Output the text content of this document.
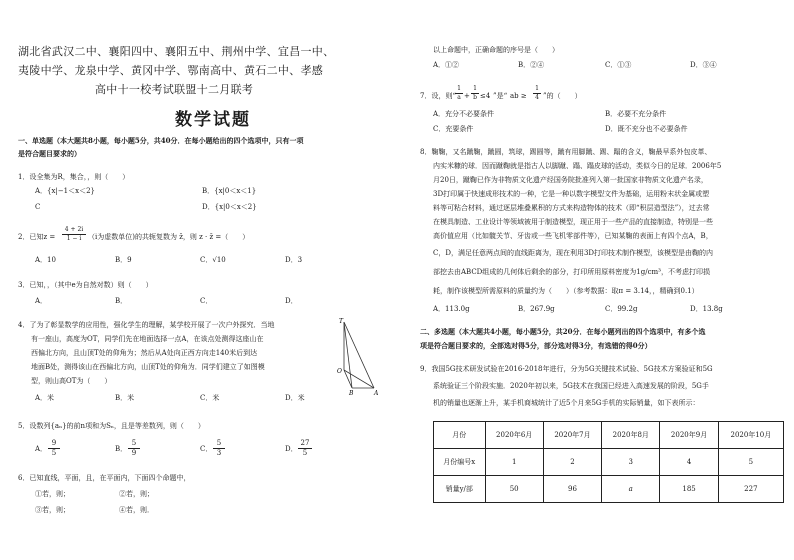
湖北省武汉二中、襄阳四中、襄阳五中、荆州中学、宜昌一中、
夷陵中学、龙泉中学、黄冈中学、鄂南高中、黄石二中、孝感
高中十一校考试联盟十二月联考
数学试题
一、单选题（本大题共8小题，每小题5分，共40分．在每小题给出的四个选项中，只有一项
是符合题目要求的）
1．设全集为R，集合，，则（　　）
A．{x|−1＜x＜2}	B．{x|0＜x＜1}
C	D．{x|0＜x＜2}
2．已知$z = \frac{4 + 2i}{1 - i} (i$为虚数单位)的共轭复数为 z̄，则 z · z̄ =（　　）
A．10	B．9	C．√10	D．3
3．已知，，（其中e为自然对数）则（　　）
A．	B．	C．	D．
4．了为了彰显数学的应用性，强化学生的理解，某学校开展了一次户外探究．当地
有一座山，高度为OT，同学们先在地面选择一点A，在该点处测得这座山在
西偏北方向，且山顶T处的仰角为；然后从A处向正西方向走140米后到达
地面B处，测得该山在西偏北方向，山顶T处的仰角为．同学们建立了如图模
型，则山高OT为（　　）
A．米	B．米	C．米	D．米
T
O
B	A
5．设数列{aₙ}的前n项和为Sₙ，且是等差数列，则（　　）
A． $\frac{9}{5}$	B． $\frac{5}{9}$	C． $\frac{5}{3}$	D． $\frac{27}{5}$
6．已知直线，平面，且，在平面内，下面四个命题中，
①若，则；	②若，则；
③若，则；	④若，则．
以上命题中，正确命题的序号是（　　）
A．①②	B．②④	C．①③	D．③④
7．设，则“
$\frac{1}{a} + \frac{1}{b} \le 4$ ”是“ ab ≥ $\frac{1}{4}$ ”的（　　）
A．充分不必要条件	B．必要不充分条件
C．充要条件	D．既不充分也不必要条件
8．鞠鞠，又名蹴鞠，蹴圆，筑球，踢圆等，蹴有用脚蹴、踢、蹋的含义，鞠最早系外包皮革、
内实米糠的球．因而蹴鞠就是指古人以脚蹴、蹋、蹋皮球的活动，类似今日的足球．2006年5
月20日，蹴鞠已作为非物质文化遗产经国务院批准列入第一批国家非物质文化遗产名录，
3D打印属于快速成形技术的一种，它是一种以数字模型文件为基础，运用粉末状金属或塑
料等可粘合材料，通过逐层堆叠累积的方式来构造物体的技术（即“积层造型法”），过去常
在模具制造、工业设计等领域被用于制造模型，现正用于一些产品的直接制造，特别是一些
高价值应用（比如髋关节、牙齿或一些飞机零部件等），已知某鞠的表面上有四个点A，B，
C，D，满足任意两点间的直线距离为，现在利用3D打印技术制作模型，该模型是由鞠的内
部挖去由ABCD组成的几何体后剩余的部分，打印所用原料密度为1g/cm³，不考虑打印损
耗，制作该模型所需原料的质量约为（　　）（参考数据：取π = 3.14，，精确到0.1）
A．113.0g	B．267.9g	C．99.2g	D．13.8g
二、多选题（本大题共4小题，每小题5分，共20分．在每小题列出的四个选项中，有多个选
项是符合题目要求的，全部选对得5分，部分选对得3分，有选错的得0分）
9．我国5G技术研发试验在2016-2018年进行，分为5G关键技术试验、5G技术方案验证和5G
系统验证三个阶段实施．2020年初以来，5G技术在我国已经进入高速发展的阶段，5G手
机的销量也逐渐上升，某手机商城统计了近5个月来5G手机的实际销量，如下表所示：
月份	2020年6月	2020年7月	2020年8月	2020年9月	2020年10月
月份编号x	1	2	3	4	5
销量y/部	50	96	a	185	227
